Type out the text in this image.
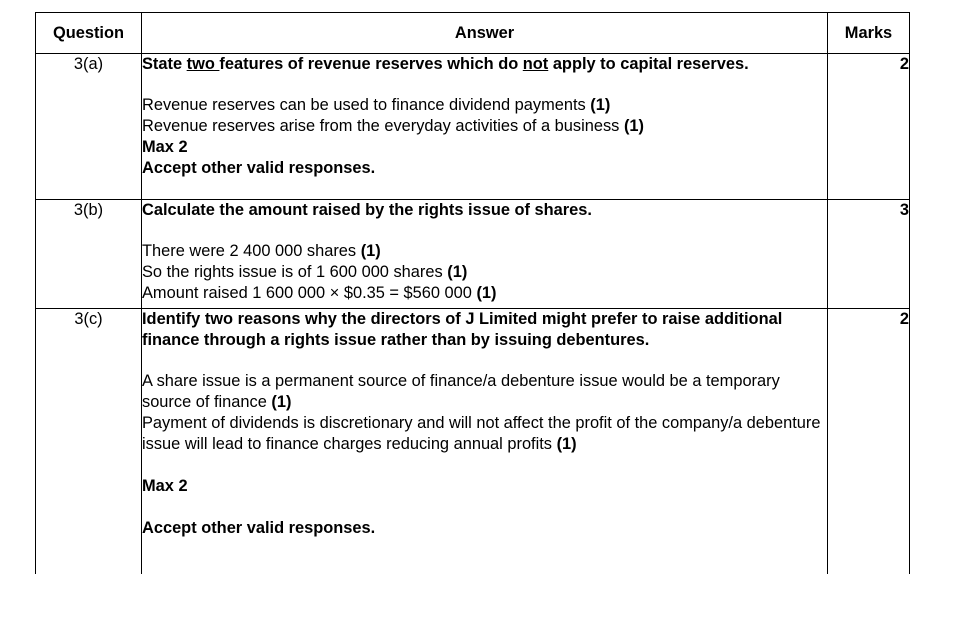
Question	Answer	Marks
3(a)	State two features of revenue reserves which do not apply to capital reserves.

Revenue reserves can be used to finance dividend payments (1)

Revenue reserves arise from the everyday activities of a business (1)

Max 2

Accept other valid responses.	2
3(b)	Calculate the amount raised by the rights issue of shares.

There were 2 400 000 shares (1)

So the rights issue is of 1 600 000 shares (1)

Amount raised 1 600 000 × $0.35 = $560 000 (1)	3
3(c)	Identify two reasons why the directors of J Limited might prefer to raise additional finance through a rights issue rather than by issuing debentures.

A share issue is a permanent source of finance/a debenture issue would be a temporary source of finance (1)

Payment of dividends is discretionary and will not affect the profit of the company/a debenture issue will lead to finance charges reducing annual profits (1)

Max 2

Accept other valid responses.	2
